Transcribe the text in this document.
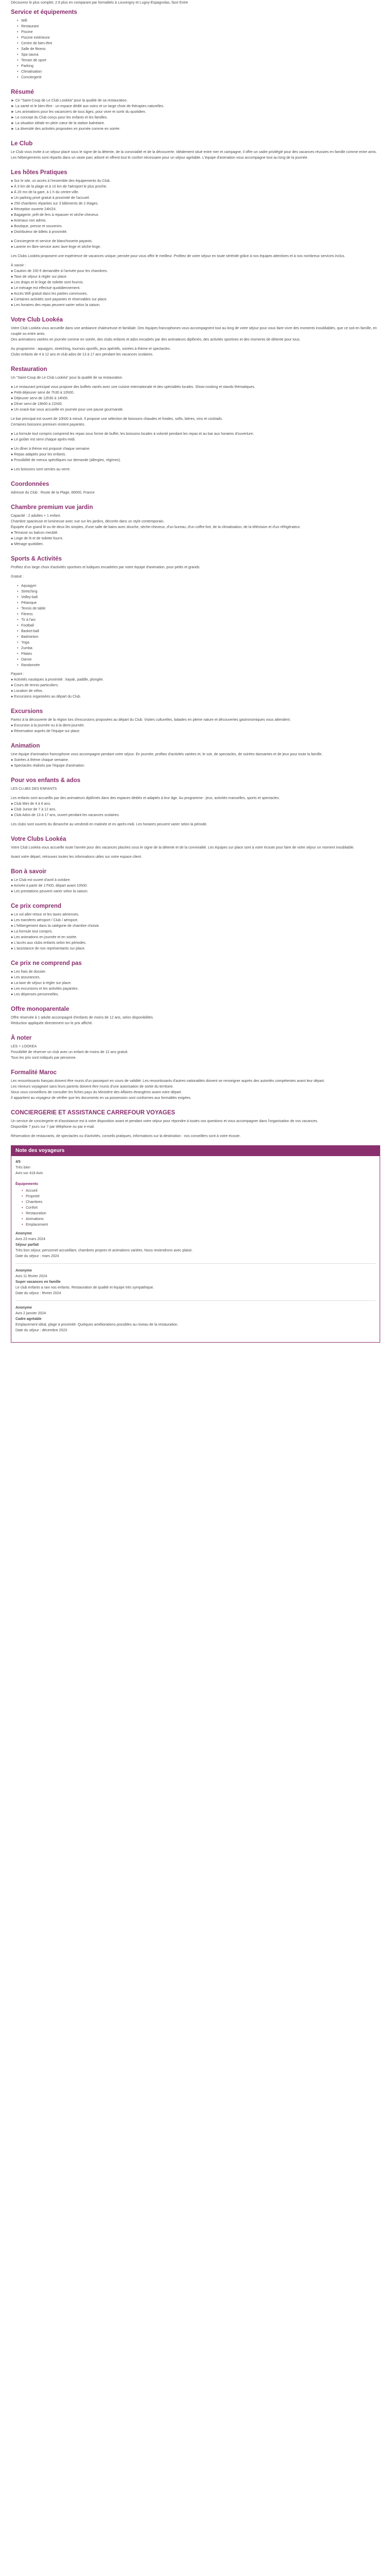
Découvrez le plus complet, 2.6 plus en comparant par formalités à Louvergny et Lugny-Espagnolas, face Entre

Service et équipements
• Wifi
• Restaurant
• Piscine
• Piscine extérieure
• Centre de bien-être
• Salle de fitness
• Spa sauna
• Terrain de sport
• Parking
• Climatisation
• Conciergerie
Résumé
► Ce "Saint-Coup de Le Club Lookéa" pour la qualité de sa restauration.
► La santé et le bien-être : un espace dédié aux soins et un large choix de thérapies naturelles.
► Les animations pour les vacanciers de tous âges, pour vivre et sortir du quotidien.
► Le concept du Club conçu pour les enfants et les familles.
► La situation idéale en plein cœur de la station balnéaire.
► La diversité des activités proposées en journée comme en soirée.
Le Club
Le Club vous invite à un séjour placé sous le signe de la détente, de la convivialité et de la découverte. Idéalement situé entre mer et campagne, il offre un cadre privilégié pour des vacances réussies en famille comme entre amis.
Les hébergements sont répartis dans un vaste parc arboré et offrent tout le confort nécessaire pour un séjour agréable. L'équipe d'animation vous accompagne tout au long de la journée.
Les hôtes Pratiques
● Sur le site, un accès à l'ensemble des équipements du Club.
● À 3 km de la plage et à 10 km de l'aéroport le plus proche.
● À 20 mn de la gare, à 1 h du centre-ville.
● Un parking privé gratuit à proximité de l'accueil.
● 250 chambres réparties sur 3 bâtiments de 2 étages.
● Réception ouverte 24h/24.
● Bagagerie, prêt de fers à repasser et sèche-cheveux.
● Animaux non admis.
● Boutique, presse et souvenirs.
● Distributeur de billets à proximité.
● Conciergerie et service de blanchisserie payants.
● Laverie en libre-service avec lave-linge et sèche-linge.
Les Clubs Lookéa proposent une expérience de vacances unique, pensée pour vous offrir le meilleur. Profitez de votre séjour en toute sérénité grâce à nos équipes attentives et à nos nombreux services inclus.
À savoir :
● Caution de 150 € demandée à l'arrivée pour les chambres.
● Taxe de séjour à régler sur place.
● Les draps et le linge de toilette sont fournis.
● Le ménage est effectué quotidiennement.
● Accès Wifi gratuit dans les parties communes.
● Certaines activités sont payantes et réservables sur place.
● Les horaires des repas peuvent varier selon la saison.
Votre Club Lookéa
Votre Club Lookéa vous accueille dans une ambiance chaleureuse et familiale. Des équipes francophones vous accompagnent tout au long de votre séjour pour vous faire vivre des moments inoubliables, que ce soit en famille, en couple ou entre amis.
Des animations variées en journée comme en soirée, des clubs enfants et ados encadrés par des animateurs diplômés, des activités sportives et des moments de détente pour tous.
Au programme : aquagym, stretching, tournois sportifs, jeux apéritifs, soirées à thème et spectacles.
Clubs enfants de 4 à 12 ans et club ados de 13 à 17 ans pendant les vacances scolaires.
Restauration
Un "Saint-Coup de Le Club Lookéa" pour la qualité de sa restauration.
● Le restaurant principal vous propose des buffets variés avec une cuisine internationale et des spécialités locales. Show-cooking et stands thématiques.
● Petit-déjeuner servi de 7h30 à 10h00.
● Déjeuner servi de 12h30 à 14h00.
● Dîner servi de 19h00 à 21h00.
● Un snack-bar vous accueille en journée pour une pause gourmande.
Le bar principal est ouvert de 10h00 à minuit. Il propose une sélection de boissons chaudes et froides, softs, bières, vins et cocktails.
Certaines boissons premium restent payantes.
● La formule tout compris comprend les repas sous forme de buffet, les boissons locales à volonté pendant les repas et au bar aux horaires d'ouverture.
● Le goûter est servi chaque après-midi.
● Un dîner à thème est proposé chaque semaine.
● Repas adaptés pour les enfants.
● Possibilité de menus spécifiques sur demande (allergies, régimes).
● Les boissons sont servies au verre.
Coordonnées
Adresse du Club : Route de la Plage, 66000, France
Chambre premium vue jardin
Capacité : 2 adultes + 1 enfant.
Chambre spacieuse et lumineuse avec vue sur les jardins, décorée dans un style contemporain.
Équipée d'un grand lit ou de deux lits simples, d'une salle de bains avec douche, sèche-cheveux, d'un bureau, d'un coffre-fort, de la climatisation, de la télévision et d'un réfrigérateur.
● Terrasse ou balcon meublé.
● Linge de lit et de toilette fourni.
● Ménage quotidien.
Sports & Activités
Profitez d'un large choix d'activités sportives et ludiques encadrées par notre équipe d'animation, pour petits et grands.
Gratuit :
• Aquagym
• Stretching
• Volley-ball
• Pétanque
• Tennis de table
• Fitness
• Tir à l'arc
• Football
• Basket-ball
• Badminton
• Yoga
• Zumba
• Pilates
• Danse
• Randonnée
Payant :
● Activités nautiques à proximité : kayak, paddle, plongée.
● Cours de tennis particuliers.
● Location de vélos.
● Excursions organisées au départ du Club.
Excursions
Partez à la découverte de la région lors d'excursions proposées au départ du Club. Visites culturelles, balades en pleine nature et découvertes gastronomiques vous attendent.
● Excursion à la journée ou à la demi-journée.
● Réservation auprès de l'équipe sur place.
Animation
Une équipe d'animation francophone vous accompagne pendant votre séjour. En journée, profitez d'activités variées et, le soir, de spectacles, de soirées dansantes et de jeux pour toute la famille.
● Soirées à thème chaque semaine.
● Spectacles réalisés par l'équipe d'animation.
Pour vos enfants & ados
LES CLUBS DES ENFANTS
Les enfants sont accueillis par des animateurs diplômés dans des espaces dédiés et adaptés à leur âge. Au programme : jeux, activités manuelles, sports et spectacles.
● Club Mini de 4 à 6 ans.
● Club Junior de 7 à 12 ans.
● Club Ados de 13 à 17 ans, ouvert pendant les vacances scolaires.
Les clubs sont ouverts du dimanche au vendredi en matinée et en après-midi. Les horaires peuvent varier selon la période.
Votre Clubs Lookéa
Votre Club Lookéa vous accueille toute l'année pour des vacances placées sous le signe de la détente et de la convivialité. Les équipes sur place sont à votre écoute pour faire de votre séjour un moment inoubliable.
Avant votre départ, retrouvez toutes les informations utiles sur votre espace client.
Bon à savoir
● Le Club est ouvert d'avril à octobre.
● Arrivée à partir de 17h00, départ avant 10h00.
● Les prestations peuvent varier selon la saison.
Ce prix comprend
● Le vol aller-retour et les taxes aériennes.
● Les transferts aéroport / Club / aéroport.
● L'hébergement dans la catégorie de chambre choisie.
● La formule tout compris.
● Les animations en journée et en soirée.
● L'accès aux clubs enfants selon les périodes.
● L'assistance de nos représentants sur place.
Ce prix ne comprend pas
● Les frais de dossier.
● Les assurances.
● La taxe de séjour à régler sur place.
● Les excursions et les activités payantes.
● Les dépenses personnelles.
Offre monoparentale
Offre réservée à 1 adulte accompagné d'enfants de moins de 12 ans, selon disponibilités.
Réduction appliquée directement sur le prix affiché.
À noter
LES + LOOKEA
Possibilité de réserver un club avec un enfant de moins de 12 ans gratuit.
Tous les prix sont indiqués par personne.
Formalité Maroc
Les ressortissants français doivent être munis d'un passeport en cours de validité. Les ressortissants d'autres nationalités doivent se renseigner auprès des autorités compétentes avant leur départ.
Les mineurs voyageant sans leurs parents doivent être munis d'une autorisation de sortie du territoire.
Nous vous conseillons de consulter les fiches pays du Ministère des Affaires étrangères avant votre départ.
Il appartient au voyageur de vérifier que les documents en sa possession sont conformes aux formalités exigées.
CONCIERGERIE ET ASSISTANCE CARREFOUR VOYAGES
Un service de conciergerie et d'assistance est à votre disposition avant et pendant votre séjour pour répondre à toutes vos questions et vous accompagner dans l'organisation de vos vacances.
Disponible 7 jours sur 7 par téléphone ou par e-mail.
Réservation de restaurants, de spectacles ou d'activités, conseils pratiques, informations sur la destination : nos conseillers sont à votre écoute.
Note des voyageurs
4/5
Très bien
Avis sur 418 Avis
Équipements
• Accueil
• Propreté
• Chambres
• Confort
• Restauration
• Animations
• Emplacement
Anonyme
Avis 23 mars 2024
Séjour parfait
Très bon séjour, personnel accueillant, chambres propres et animations variées. Nous reviendrons avec plaisir.
Date du séjour : mars 2024
Anonyme
Avis 11 février 2024
Super vacances en famille
Le club enfants a ravi nos enfants. Restauration de qualité et équipe très sympathique.
Date du séjour : février 2024
Anonyme
Avis 2 janvier 2024
Cadre agréable
Emplacement idéal, plage à proximité. Quelques améliorations possibles au niveau de la restauration.
Date du séjour : décembre 2023
